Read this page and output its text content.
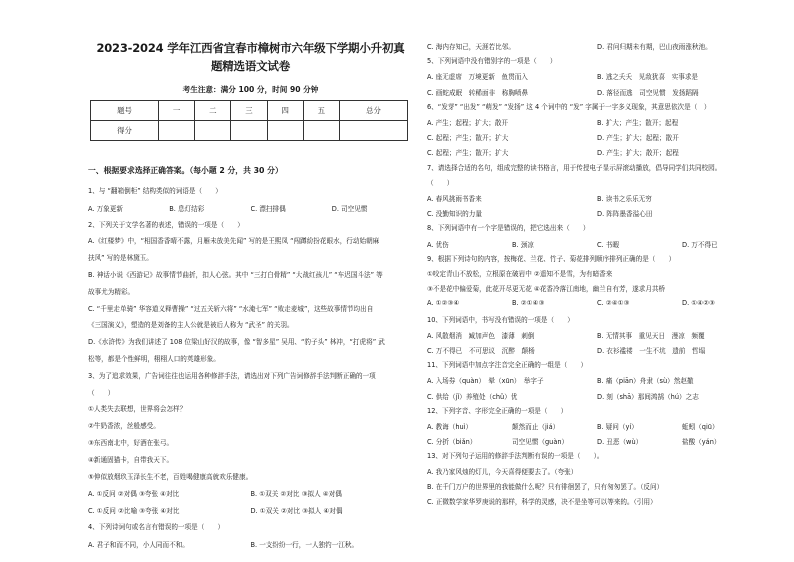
2023-2024 学年江西省宜春市樟树市六年级下学期小升初真
题精选语文试卷
考生注意：满分 100 分，时间 90 分钟
题号	一	二	三	四	五	总分
得分						
一、根据要求选择正确答案。（每小题 2 分，共 30 分）
1、与 “翻箱倒柜” 结构类似的词语是（　　）
A. 万象更新	B. 息灯结彩	C. 漂扫排偶	D. 司空见惯
2、下列关于文学名著的表述，错误的一项是（　　）
A.《红楼梦》中，“相国香香晴不露，月雁未放美先闻” 写的是王熙凤 “闯蹲紛扮花眼水，行动始朝麻
扶风” 写的是林黛玉。
B. 神话小说《西游记》故事情节曲折，扣人心弦。其中 “三打白骨精” “大战红孩儿” “车迟国斗法” 等
故事尤为精彩。
C. “千里走单骑” 华容道义释曹操” “过五关斩六将” “水淹七军” “败走麦城”，这些故事情节均出自
《三国演义》，塑造的是刘备的主人公就是被后人称为 “武圣” 的关羽。
D.《水浒传》为我们讲述了 108 位梁山好汉的故事，像 “智多星” 吴用、“豹子头” 林冲，“打虎将” 武
松等，都是个性鲜明，栩栩人口的英雄形象。
3、为了追求效果，广告词往往也运用各种修辞手法，请选出对下列广告词修辞手法判断正确的一项
（　　）
①人类失去联想，世界将会怎样？
②牛奶香浓，丝般感受。
③东西南北中，好酒在张弓。
④新通固猫卡，自带我天下。
⑤伸似放烟玖玉泽长生不老，百姓喝健康高就欢乐健康。
A. ①反问 ②对偶 ③夸张 ④对比	B. ①双关 ②对比 ③拟人 ④对偶
C. ①反问 ②比喻 ③夸张 ④对比	D. ①双关 ②对比 ③拟人 ④对偶
4、下列诗词句或名言有错误的一项是（　　）
A. 君子和而不同，小人同而不和。	B. 一支纷纷一行，一人独钓一江秋。
C. 海内存知己，天涯若比邻。	D. 君问归期未有期，巴山夜雨涨秋池。
5、下列词语中没有错别字的一项是（　　）
A. 座无虚席　万境更新　鱼贯而入	B. 逃之夭夭　见敌犹喜　实事求是
C. 画蛇成眠　转稀面非　称胸喷鼻	D. 落径而逃　司空见惯　发扬蹈隔
6、“发芽” “出发” “萌发” “发扬” 这 4 个词中的 “发” 字属于一字多义现象，其意思依次是（　）
A. 产生；起程；扩大；散开	B. 扩大；产生；散开；起程
C. 起程；产生；散开；扩大	D. 产生；扩大；起程；散开
C. 起程；产生；散开；扩大	D. 产生；扩大；散开；起程
7、请选择合适的名句，组成完整的读书格言，用于传授电子显示屏滚动播放，倡导同学们共同校园。
（　　）
A. 春风挑雨书香来	B. 读书之乐乐无穷
C. 没勤知识的力量	D. 阵阵墨香溢心田
8、下列词语中有一个字是错误的，把它选出来（　　）
A. 优伤	B. 颈凉	C. 书暇	D. 万不得已
9、根据下列诗句的内容，按梅花、兰花、竹子、菊花排列顺序排列正确的是（　　）
①咬定青山不放松，立根原在破岩中 ②遥知不是雪，为有暗香来
③不是花中偏爱菊，此花开尽更无花 ④花香冷落江南地，幽兰自有芳，遂求月共桥
A. ①②③④	B. ②①④③	C. ②④①③	D. ①④②③
10、下列词语中，书写没有错误的一项是（　　）
A. 风散烟消　臧加声色　漆薄　刺倒	B. 无情其事　重见天日　漫凉　频覆
C. 万不得已　不可思议　沉醉　颠杨	D. 衣衫褴褛　一生不坑　遗前　哲塌
11、下列词语中加点字注音完全正确的一组是（　　）
A. 入场券（quàn）　晕（xūn）　举字子	B. 痛（piān）舟隶（sù）然赵撤
C. 供给（jǐ）养殖处（chǔ）优	D. 刻（shā）那间鸿鹄（hú）之志
12、下列字音、字形完全正确的一项是（　　）
A. 教诲（huì）	颠然而止（jiá）	B. 疑问（yí）	蚯蚓（qiū）
C. 分折（biǎn）	司空见惯（guàn）	D. 丑恶（wù）	盐酸（yán）
13、对下列句子运用的修辞手法判断有误的一项是（　　）。
A. 我乃家风烛的灯儿，今天喜得便要去了。（夸张）
B. 在千门万户的世界里的我能做什么呢？只有徘徊罢了，只有匆匆罢了。（反问）
C. 正微数学家华罗庚说的那样，科学的灵感，决不是坐等可以等来的。（引用）
